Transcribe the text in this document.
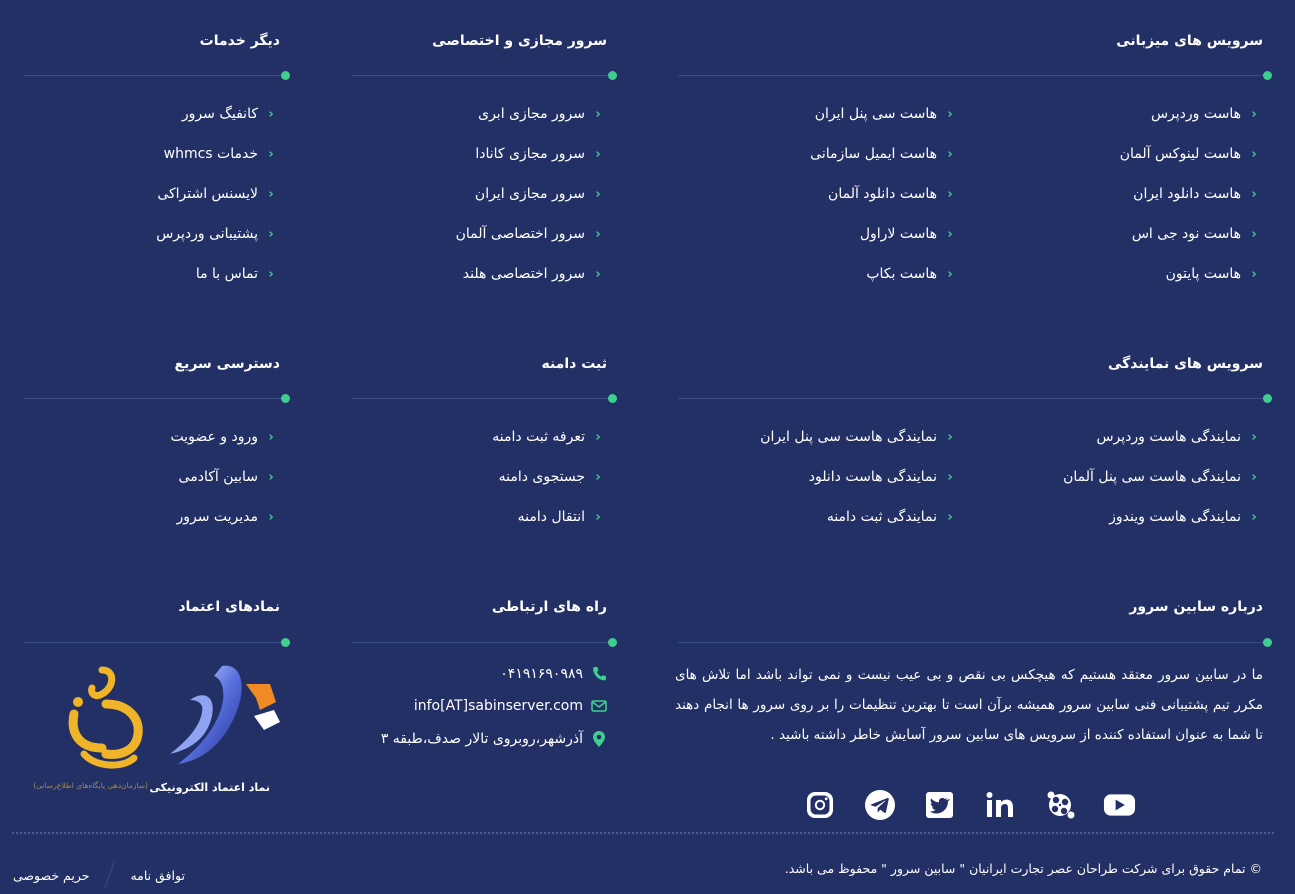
سرویس های میزبانی
‹
هاست وردپرس
‹
هاست لینوکس آلمان
‹
هاست دانلود ایران
‹
هاست نود جی اس
‹
هاست پایتون
‹
هاست سی پنل ایران
‹
هاست ایمیل سازمانی
‹
هاست دانلود آلمان
‹
هاست لاراول
‹
هاست بکاپ
سرور مجازی و اختصاصی
‹
سرور مجازی ابری
‹
سرور مجازی کانادا
‹
سرور مجازی ایران
‹
سرور اختصاصی آلمان
‹
سرور اختصاصی هلند
دیگر خدمات
‹
کانفیگ سرور
‹
خدمات whmcs
‹
لایسنس اشتراکی
‹
پشتیبانی وردپرس
‹
تماس با ما
سرویس های نمایندگی
‹
نمایندگی هاست وردپرس
‹
نمایندگی هاست سی پنل آلمان
‹
نمایندگی هاست ویندوز
‹
نمایندگی هاست سی پنل ایران
‹
نمایندگی هاست دانلود
‹
نمایندگی ثبت دامنه
ثبت دامنه
‹
تعرفه ثبت دامنه
‹
جستجوی دامنه
‹
انتقال دامنه
دسترسی سریع
‹
ورود و عضویت
‹
سابین آکادمی
‹
مدیریت سرور
درباره سابین سرور

ما در سابین سرور معتقد هستیم که هیچکس بی نقص و بی عیب نیست و نمی تواند باشد اما تلاش های مکرر تیم پشتیبانی فنی سابین سرور همیشه برآن است تا بهترین تنظیمات را بر روی سرور ها انجام دهند تا شما به عنوان استفاده کننده از سرویس های سابین سرور آسایش خاطر داشته باشید .

راه های ارتباطی
۰۴۱۹۱۶۹۰۹۸۹
info[AT]sabinserver.com
آذرشهر،روبروی تالار صدف،طبقه ۳
نمادهای اعتماد
نماد اعتماد الکترونیکی
(سازمان‌دهی پایگاه‌های اطلاع‌رسانی)
© تمام حقوق برای شرکت طراحان عصر تجارت ایرانیان " سابین سرور " محفوظ می باشد.
حریم خصوصی	توافق نامه
